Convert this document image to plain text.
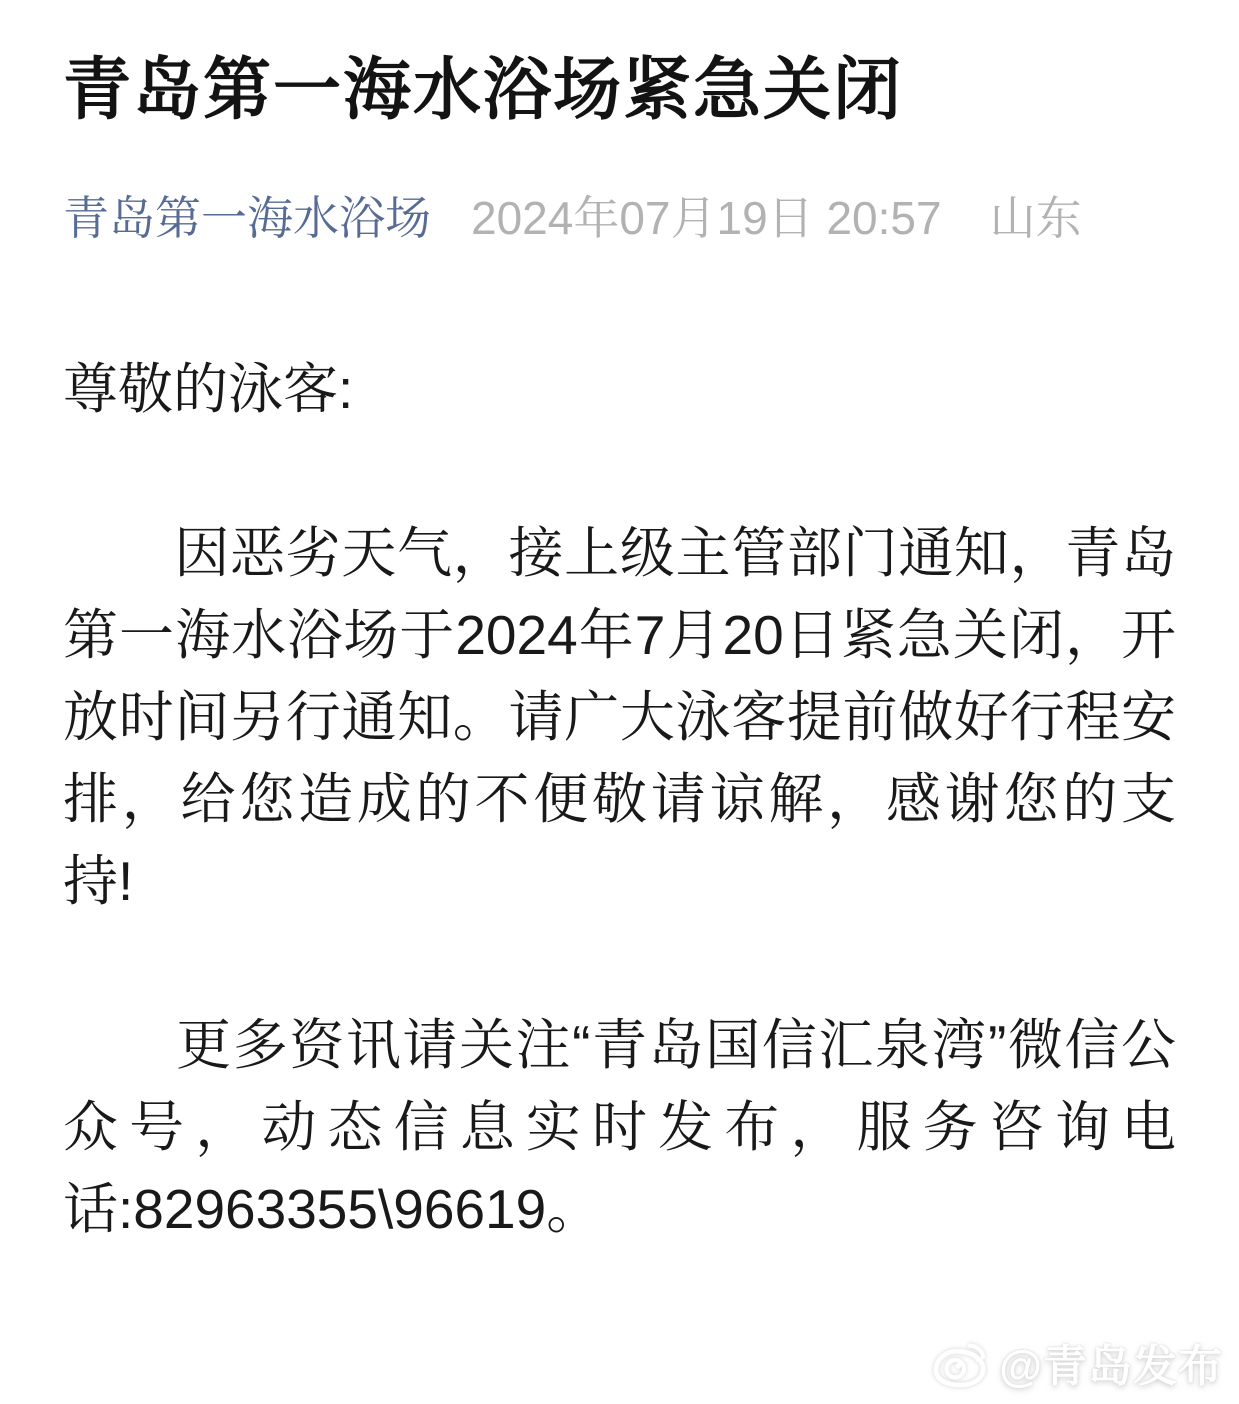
青岛第一海水浴场紧急关闭
青岛第一海水浴场 2024年07月19日 20:57 山东

尊敬的泳客:

　　因恶劣天气，接上级主管部门通知，青岛第一海水浴场于2024年7月20日紧急关闭，开放时间另行通知。请广大泳客提前做好行程安排，给您造成的不便敬请谅解，感谢您的支持!

　　更多资讯请关注“青岛国信汇泉湾”微信公众号，动态信息实时发布，服务咨询电话:82963355\96619。

@青岛发布
